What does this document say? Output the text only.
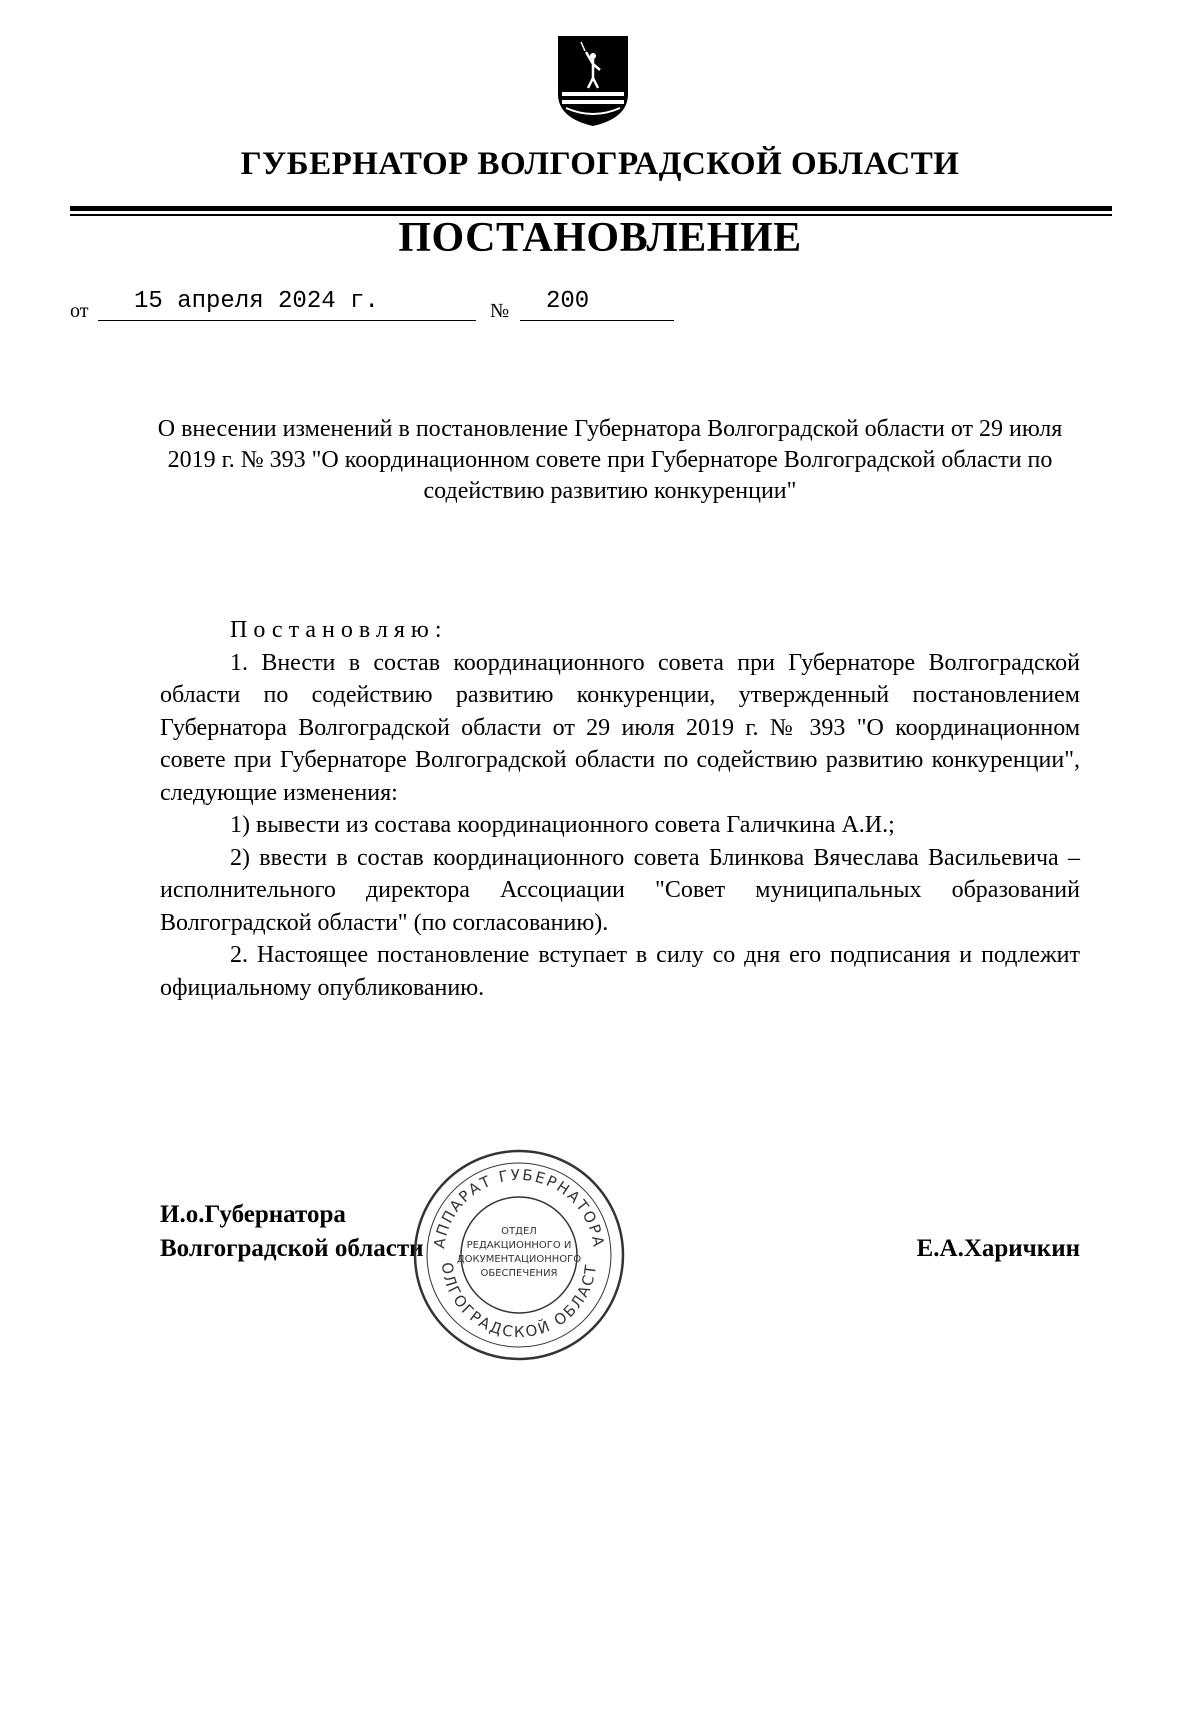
ГУБЕРНАТОР ВОЛГОГРАДСКОЙ ОБЛАСТИ
ПОСТАНОВЛЕНИЕ
от 15 апреля 2024 г.	№ 200
О внесении изменений в постановление Губернатора Волгоградской области от 29 июля 2019 г. № 393 "О координационном совете при Губернаторе Волгоградской области по содействию развитию конкуренции"
Постановляю:

1. Внести в состав координационного совета при Губернаторе Волгоградской области по содействию развитию конкуренции, утвержденный постановлением Губернатора Волгоградской области от 29 июля 2019 г. № 393 "О координационном совете при Губернаторе Волгоградской области по содействию развитию конкуренции", следующие изменения:

1) вывести из состава координационного совета Галичкина А.И.;

2) ввести в состав координационного совета Блинкова Вячеслава Васильевича – исполнительного директора Ассоциации "Совет муниципальных образований Волгоградской области" (по согласованию).

2. Настоящее постановление вступает в силу со дня его подписания и подлежит официальному опубликованию.

И.о.Губернатора
Волгоградской области	Е.А.Харичкин
ОТДЕЛ
РЕДАКЦИОННОГО И
ДОКУМЕНТАЦИОННОГО
ОБЕСПЕЧЕНИЯ
АППАРАТ ГУБЕРНАТОРА
ОЛГОГРАДСКОЙ ОБЛАСТ
